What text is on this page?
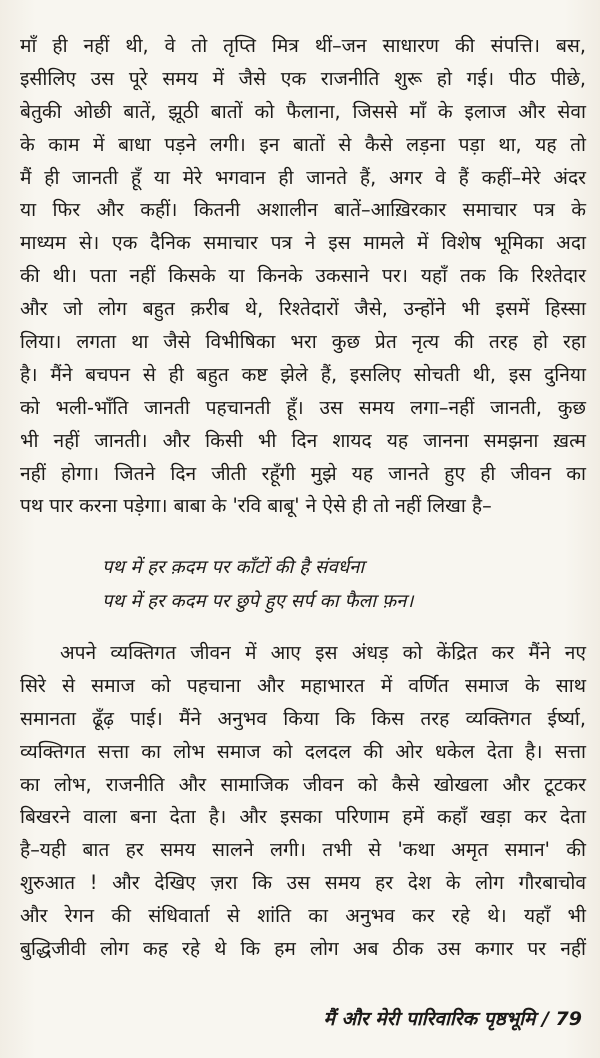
माँ ही नहीं थी, वे तो तृप्ति मित्र थीं–जन साधारण की संपत्ति। बस,
इसीलिए उस पूरे समय में जैसे एक राजनीति शुरू हो गई। पीठ पीछे,
बेतुकी ओछी बातें, झूठी बातों को फैलाना, जिससे माँ के इलाज और सेवा
के काम में बाधा पड़ने लगी। इन बातों से कैसे लड़ना पड़ा था, यह तो
मैं ही जानती हूँ या मेरे भगवान ही जानते हैं, अगर वे हैं कहीं–मेरे अंदर
या फिर और कहीं। कितनी अशालीन बातें–आख़िरकार समाचार पत्र के
माध्यम से। एक दैनिक समाचार पत्र ने इस मामले में विशेष भूमिका अदा
की थी। पता नहीं किसके या किनके उकसाने पर। यहाँ तक कि रिश्तेदार
और जो लोग बहुत क़रीब थे, रिश्तेदारों जैसे, उन्होंने भी इसमें हिस्सा
लिया। लगता था जैसे विभीषिका भरा कुछ प्रेत नृत्य की तरह हो रहा
है। मैंने बचपन से ही बहुत कष्ट झेले हैं, इसलिए सोचती थी, इस दुनिया
को भली-भाँति जानती पहचानती हूँ। उस समय लगा–नहीं जानती, कुछ
भी नहीं जानती। और किसी भी दिन शायद यह जानना समझना ख़त्म
नहीं होगा। जितने दिन जीती रहूँगी मुझे यह जानते हुए ही जीवन का
पथ पार करना पड़ेगा। बाबा के 'रवि बाबू' ने ऐसे ही तो नहीं लिखा है–
पथ में हर क़दम पर काँटों की है संवर्धना
पथ में हर कदम पर छुपे हुए सर्प का फैला फ़न।
अपने व्यक्तिगत जीवन में आए इस अंधड़ को केंद्रित कर मैंने नए
सिरे से समाज को पहचाना और महाभारत में वर्णित समाज के साथ
समानता ढूँढ़ पाई। मैंने अनुभव किया कि किस तरह व्यक्तिगत ईर्ष्या,
व्यक्तिगत सत्ता का लोभ समाज को दलदल की ओर धकेल देता है। सत्ता
का लोभ, राजनीति और सामाजिक जीवन को कैसे खोखला और टूटकर
बिखरने वाला बना देता है। और इसका परिणाम हमें कहाँ खड़ा कर देता
है–यही बात हर समय सालने लगी। तभी से 'कथा अमृत समान' की
शुरुआत ! और देखिए ज़रा कि उस समय हर देश के लोग गौरबाचोव
और रेगन की संधिवार्ता से शांति का अनुभव कर रहे थे। यहाँ भी
बुद्धिजीवी लोग कह रहे थे कि हम लोग अब ठीक उस कगार पर नहीं
मैं और मेरी पारिवारिक पृष्ठभूमि / 79
